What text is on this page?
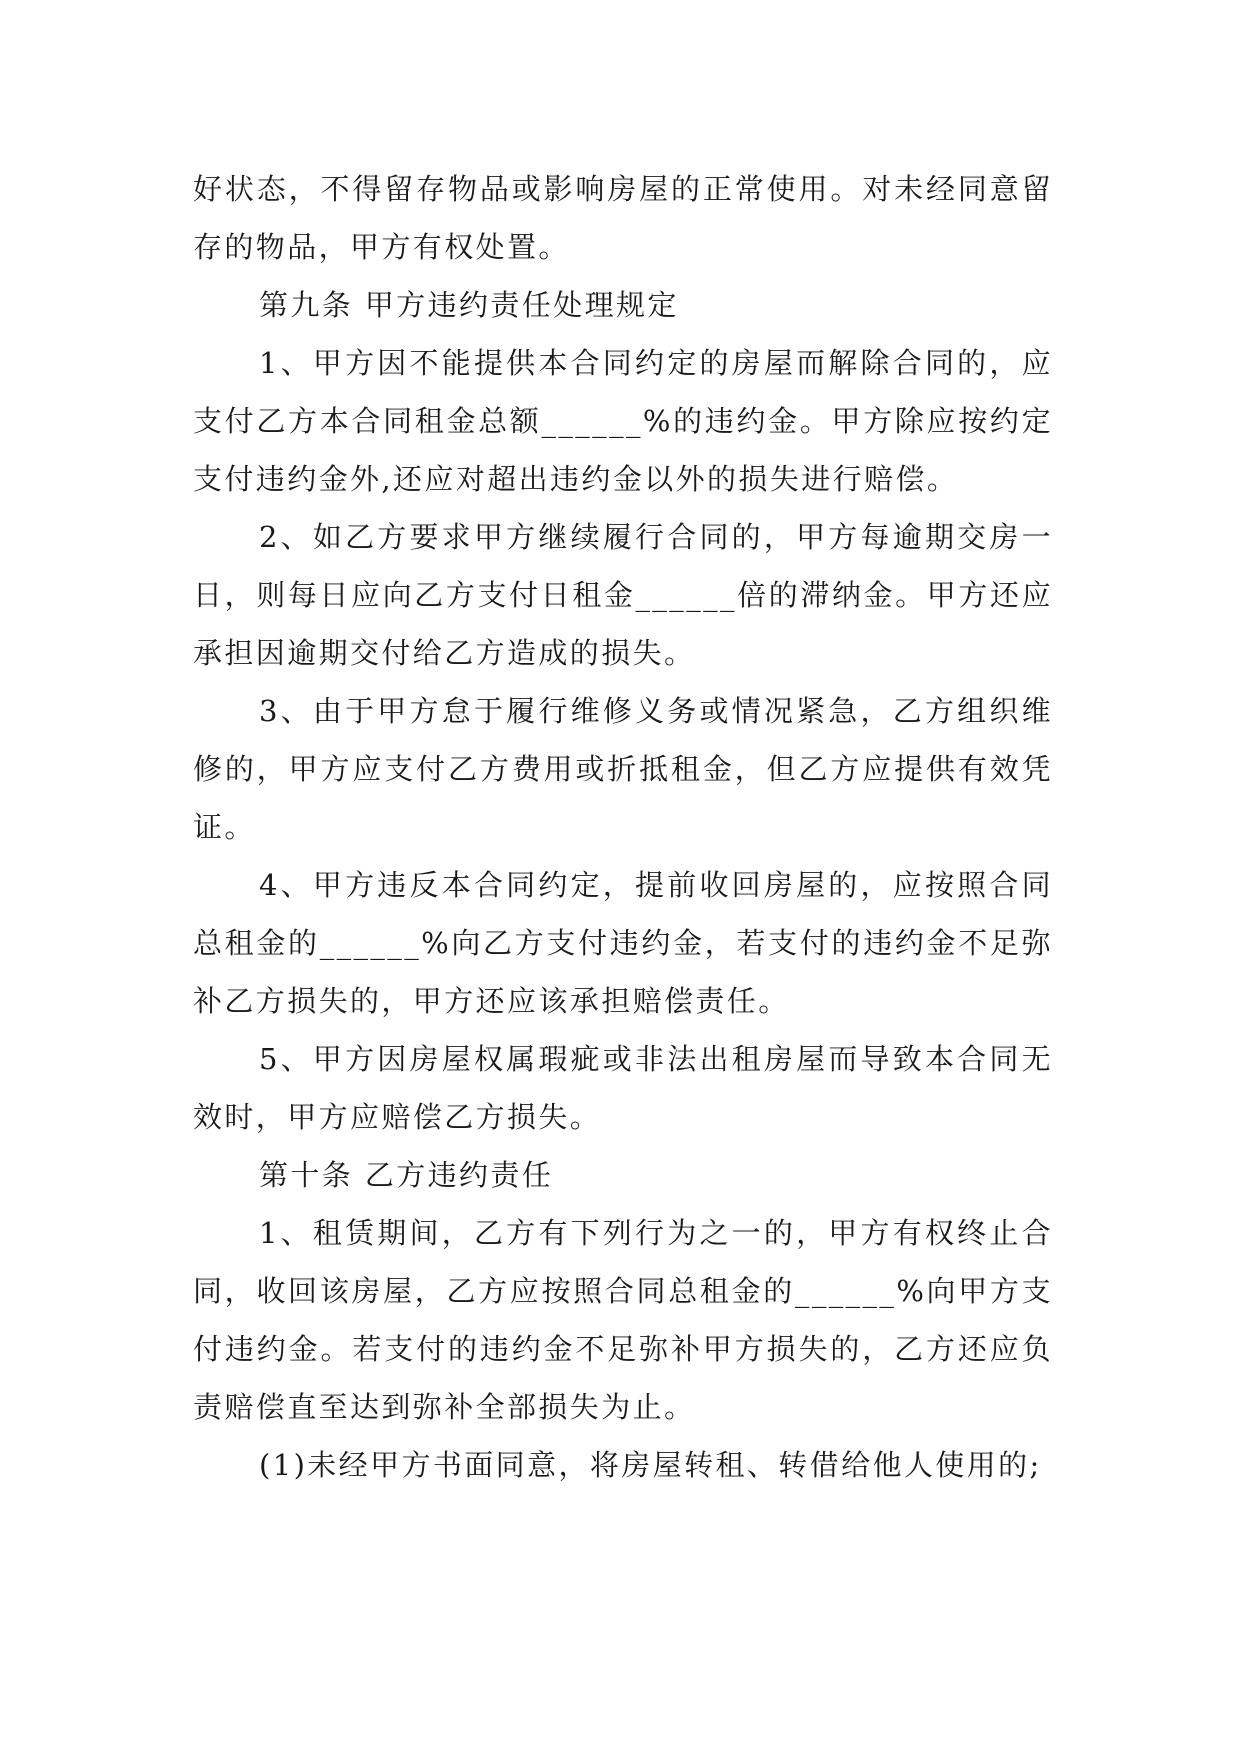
好状态，不得留存物品或影响房屋的正常使用。对未经同意留存的物品，甲方有权处置。

第九条 甲方违约责任处理规定

1、甲方因不能提供本合同约定的房屋而解除合同的，应支付乙方本合同租金总额______%的违约金。甲方除应按约定支付违约金外,还应对超出违约金以外的损失进行赔偿。

2、如乙方要求甲方继续履行合同的，甲方每逾期交房一日，则每日应向乙方支付日租金______倍的滞纳金。甲方还应承担因逾期交付给乙方造成的损失。

3、由于甲方怠于履行维修义务或情况紧急，乙方组织维修的，甲方应支付乙方费用或折抵租金，但乙方应提供有效凭证。

4、甲方违反本合同约定，提前收回房屋的，应按照合同总租金的______%向乙方支付违约金，若支付的违约金不足弥补乙方损失的，甲方还应该承担赔偿责任。

5、甲方因房屋权属瑕疵或非法出租房屋而导致本合同无效时，甲方应赔偿乙方损失。

第十条 乙方违约责任

1、租赁期间，乙方有下列行为之一的，甲方有权终止合同，收回该房屋，乙方应按照合同总租金的______%向甲方支付违约金。若支付的违约金不足弥补甲方损失的，乙方还应负责赔偿直至达到弥补全部损失为止。

(1)未经甲方书面同意，将房屋转租、转借给他人使用的;
